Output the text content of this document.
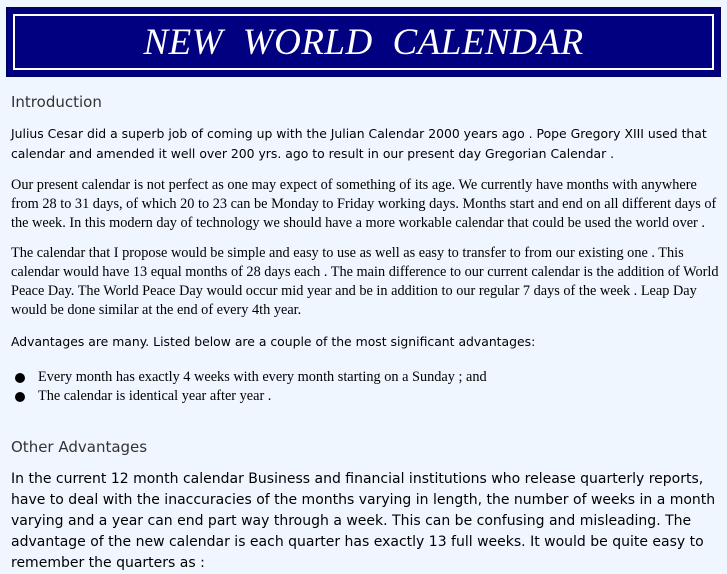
NEW WORLD CALENDAR
Introduction

Julius Cesar did a superb job of coming up with the Julian Calendar 2000 years ago . Pope Gregory XIII used that calendar and amended it well over 200 yrs. ago to result in our present day Gregorian Calendar .

Our present calendar is not perfect as one may expect of something of its age. We currently have months with anywhere from 28 to 31 days, of which 20 to 23 can be Monday to Friday working days. Months start and end on all different days of the week. In this modern day of technology we should have a more workable calendar that could be used the world over .

The calendar that I propose would be simple and easy to use as well as easy to transfer to from our existing one . This calendar would have 13 equal months of 28 days each . The main difference to our current calendar is the addition of World Peace Day. The World Peace Day would occur mid year and be in addition to our regular 7 days of the week . Leap Day would be done similar at the end of every 4th year.

Advantages are many. Listed below are a couple of the most significant advantages:

Every month has exactly 4 weeks with every month starting on a Sunday ; and
The calendar is identical year after year .
Other Advantages

In the current 12 month calendar Business and financial institutions who release quarterly reports, have to deal with the inaccuracies of the months varying in length, the number of weeks in a month varying and a year can end part way through a week. This can be confusing and misleading. The advantage of the new calendar is each quarter has exactly 13 full weeks. It would be quite easy to remember the quarters as :
